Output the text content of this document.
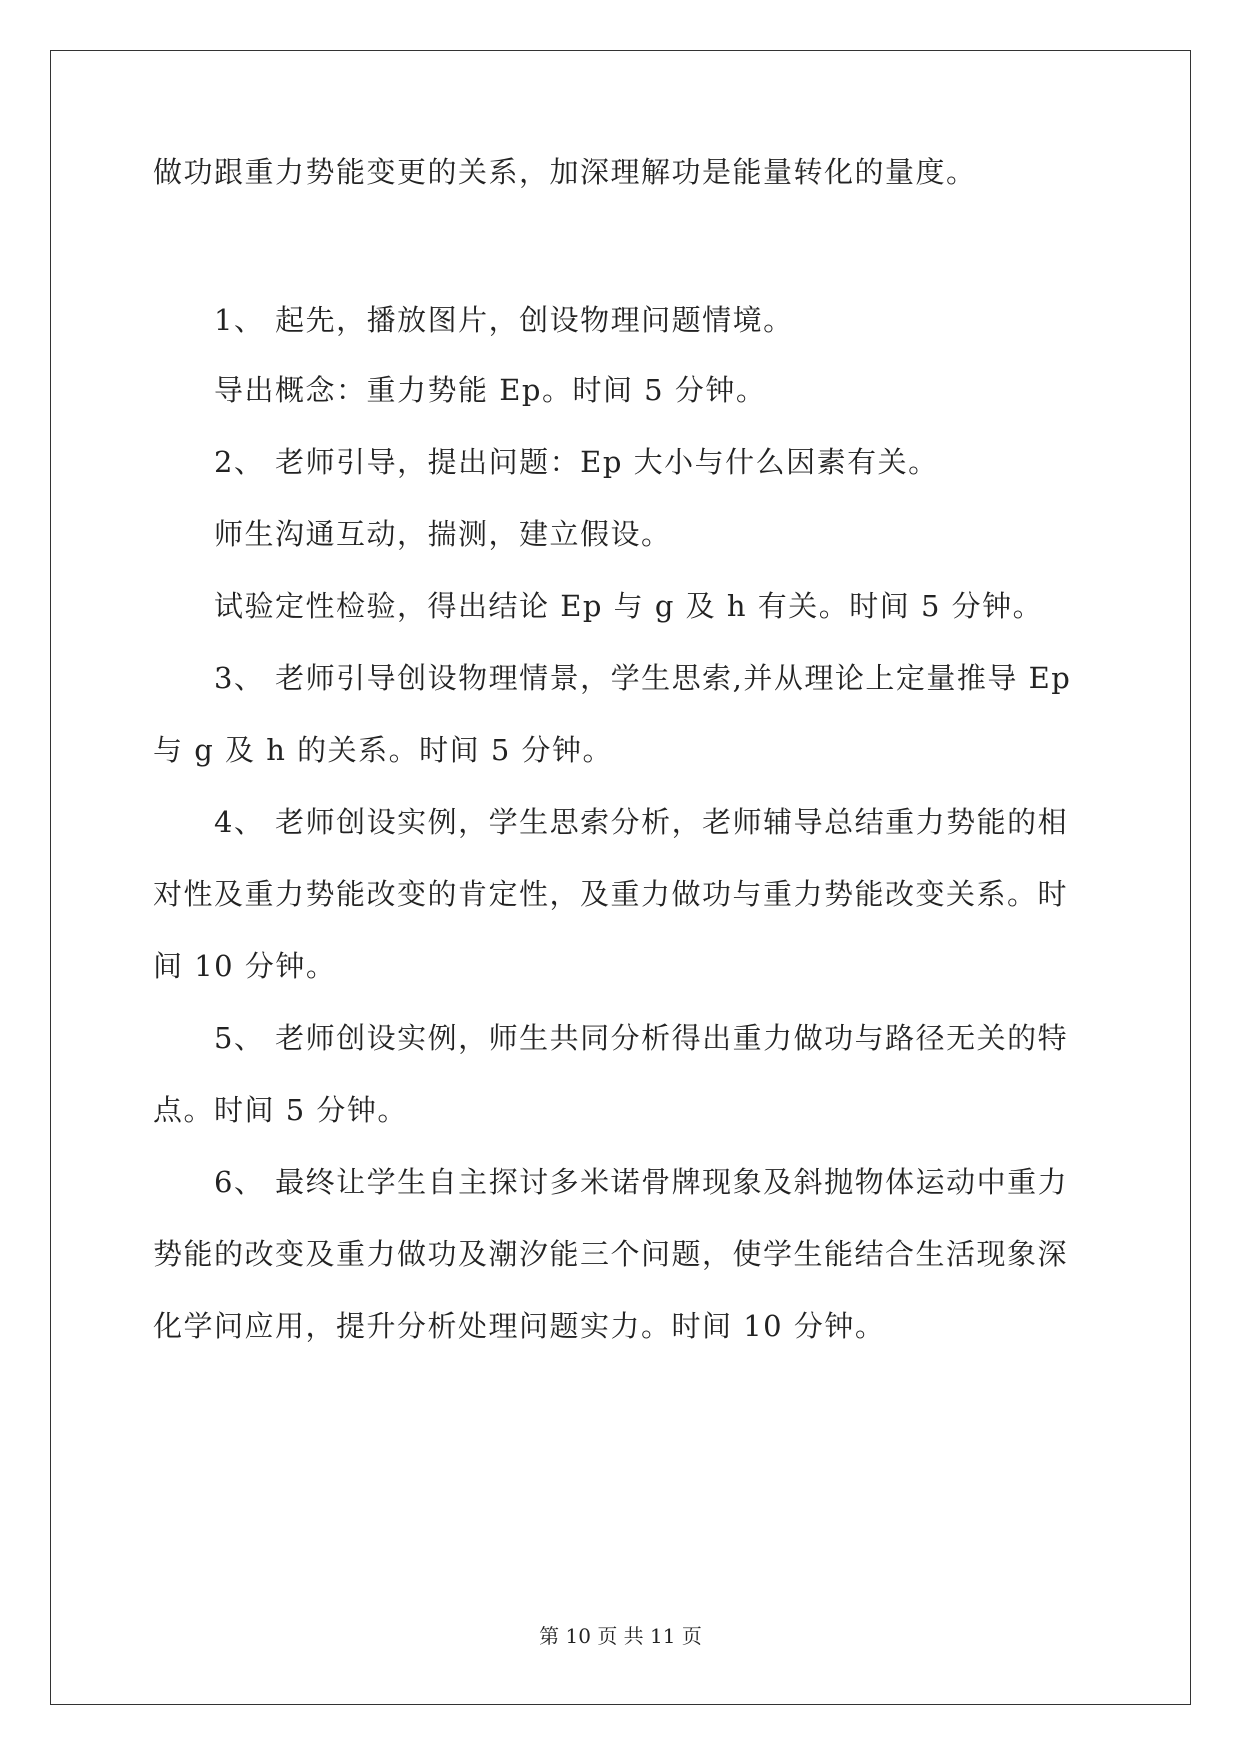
做功跟重力势能变更的关系，加深理解功是能量转化的量度。
1、 起先，播放图片，创设物理问题情境。
导出概念：重力势能 Ep。时间 5 分钟。
2、 老师引导，提出问题：Ep 大小与什么因素有关。
师生沟通互动，揣测，建立假设。
试验定性检验，得出结论 Ep 与 g 及 h 有关。时间 5 分钟。
3、 老师引导创设物理情景，学生思索,并从理论上定量推导 Ep
与 g 及 h 的关系。时间 5 分钟。
4、 老师创设实例，学生思索分析，老师辅导总结重力势能的相
对性及重力势能改变的肯定性，及重力做功与重力势能改变关系。时
间 10 分钟。
5、 老师创设实例，师生共同分析得出重力做功与路径无关的特
点。时间 5 分钟。
6、 最终让学生自主探讨多米诺骨牌现象及斜抛物体运动中重力
势能的改变及重力做功及潮汐能三个问题，使学生能结合生活现象深
化学问应用，提升分析处理问题实力。时间 10 分钟。
第 10 页 共 11 页
